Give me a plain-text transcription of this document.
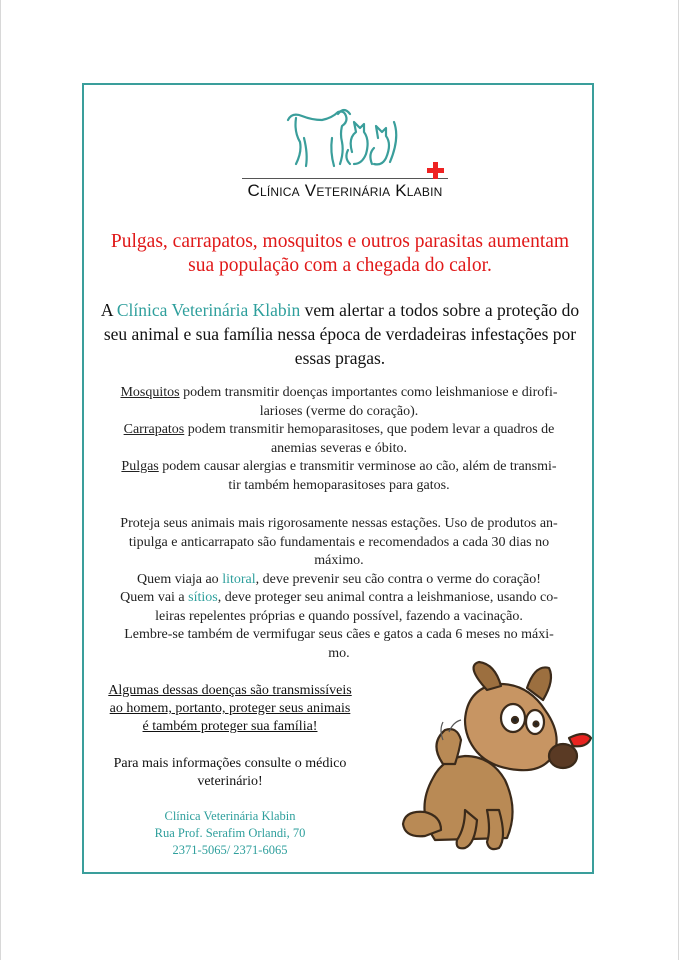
Clínica Veterinária Klabin
Pulgas, carrapatos, mosquitos e outros parasitas aumentam
sua população com a chegada do calor.
A Clínica Veterinária Klabin vem alertar a todos sobre a proteção do
seu animal e sua família nessa época de verdadeiras infestações por
essas pragas.
Mosquitos podem transmitir doenças importantes como leishmaniose e dirofi-
larioses (verme do coração).
Carrapatos podem transmitir hemoparasitoses, que podem levar a quadros de
anemias severas e óbito.
Pulgas podem causar alergias e transmitir verminose ao cão, além de transmi-
tir também hemoparasitoses para gatos.
Proteja seus animais mais rigorosamente nessas estações. Uso de produtos an-
tipulga e anticarrapato são fundamentais e recomendados a cada 30 dias no
máximo.
Quem viaja ao litoral, deve prevenir seu cão contra o verme do coração!
Quem vai a sítios, deve proteger seu animal contra a leishmaniose, usando co-
leiras repelentes próprias e quando possível, fazendo a vacinação.
Lembre-se também de vermifugar seus cães e gatos a cada 6 meses no máxi-
mo.
Algumas dessas doenças são transmissíveis
ao homem, portanto, proteger seus animais
é também proteger sua família!
Para mais informações consulte o médico
veterinário!
Clínica Veterinária Klabin
Rua Prof. Serafim Orlandi, 70
2371-5065/ 2371-6065
